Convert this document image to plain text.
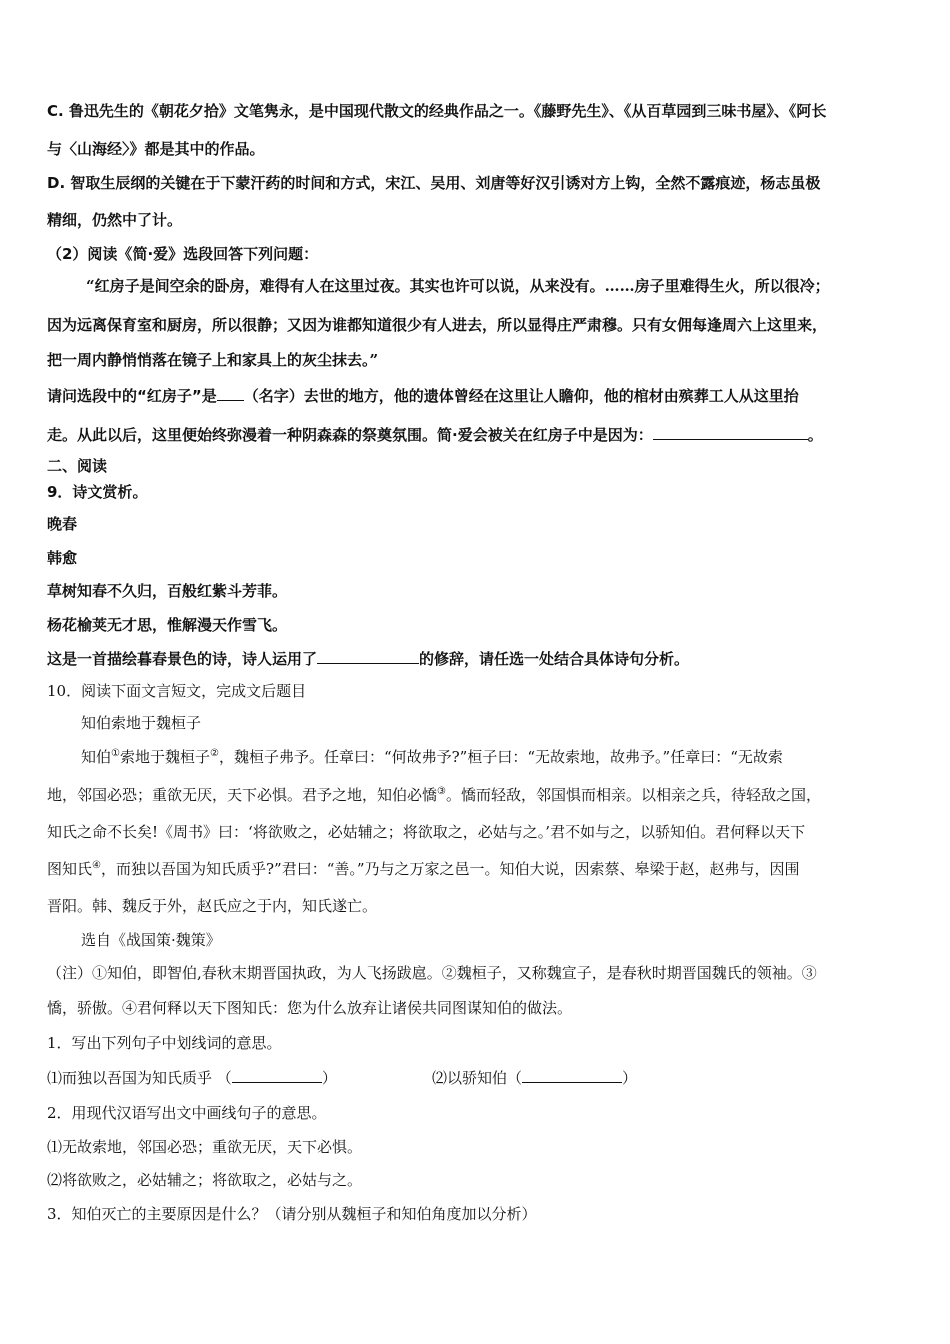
C. 鲁迅先生的《朝花夕拾》文笔隽永，是中国现代散文的经典作品之一。《藤野先生》、《从百草园到三味书屋》、《阿长
与〈山海经〉》都是其中的作品。
D. 智取生辰纲的关键在于下蒙汗药的时间和方式，宋江、吴用、刘唐等好汉引诱对方上钩，全然不露痕迹，杨志虽极
精细，仍然中了计。
（2）阅读《简·爱》选段回答下列问题：
“红房子是间空余的卧房，难得有人在这里过夜。其实也许可以说，从来没有。……房子里难得生火，所以很冷；
因为远离保育室和厨房，所以很静；又因为谁都知道很少有人进去，所以显得庄严肃穆。只有女佣每逢周六上这里来，
把一周内静悄悄落在镜子上和家具上的灰尘抹去。”
请问选段中的“红房子”是 （名字）去世的地方，他的遗体曾经在这里让人瞻仰，他的棺材由殡葬工人从这里抬
走。从此以后，这里便始终弥漫着一种阴森森的祭奠氛围。简·爱会被关在红房子中是因为：	。
二、阅读
9．诗文赏析。
晚春
韩愈
草树知春不久归，百般红紫斗芳菲。
杨花榆荚无才思，惟解漫天作雪飞。
这是一首描绘暮春景色的诗，诗人运用了	的修辞，请任选一处结合具体诗句分析。
10．阅读下面文言短文，完成文后题目
知伯索地于魏桓子
知伯①索地于魏桓子②，魏桓子弗予。任章曰：“何故弗予?”桓子曰：“无故索地，故弗予。”任章曰：“无故索
地，邻国必恐；重欲无厌，天下必惧。君予之地，知伯必憍③。憍而轻敌，邻国惧而相亲。以相亲之兵，待轻敌之国，
知氏之命不长矣!《周书》曰：‘将欲败之，必姑辅之；将欲取之，必姑与之。’君不如与之，以骄知伯。君何释以天下
图知氏④，而独以吾国为知氏质乎?”君曰：“善。”乃与之万家之邑一。知伯大说，因索蔡、皋梁于赵，赵弗与，因围
晋阳。韩、魏反于外，赵氏应之于内，知氏遂亡。
选自《战国策·魏策》
（注）①知伯，即智伯,春秋末期晋国执政，为人飞扬跋扈。②魏桓子，又称魏宣子，是春秋时期晋国魏氏的领袖。③
憍，骄傲。④君何释以天下图知氏：您为什么放弃让诸侯共同图谋知伯的做法。
1．写出下列句子中划线词的意思。
⑴而独以吾国为知氏质乎 （	）	⑵以骄知伯（	）
2．用现代汉语写出文中画线句子的意思。
⑴无故索地，邻国必恐；重欲无厌，天下必惧。
⑵将欲败之，必姑辅之；将欲取之，必姑与之。
3．知伯灭亡的主要原因是什么？（请分别从魏桓子和知伯角度加以分析）
